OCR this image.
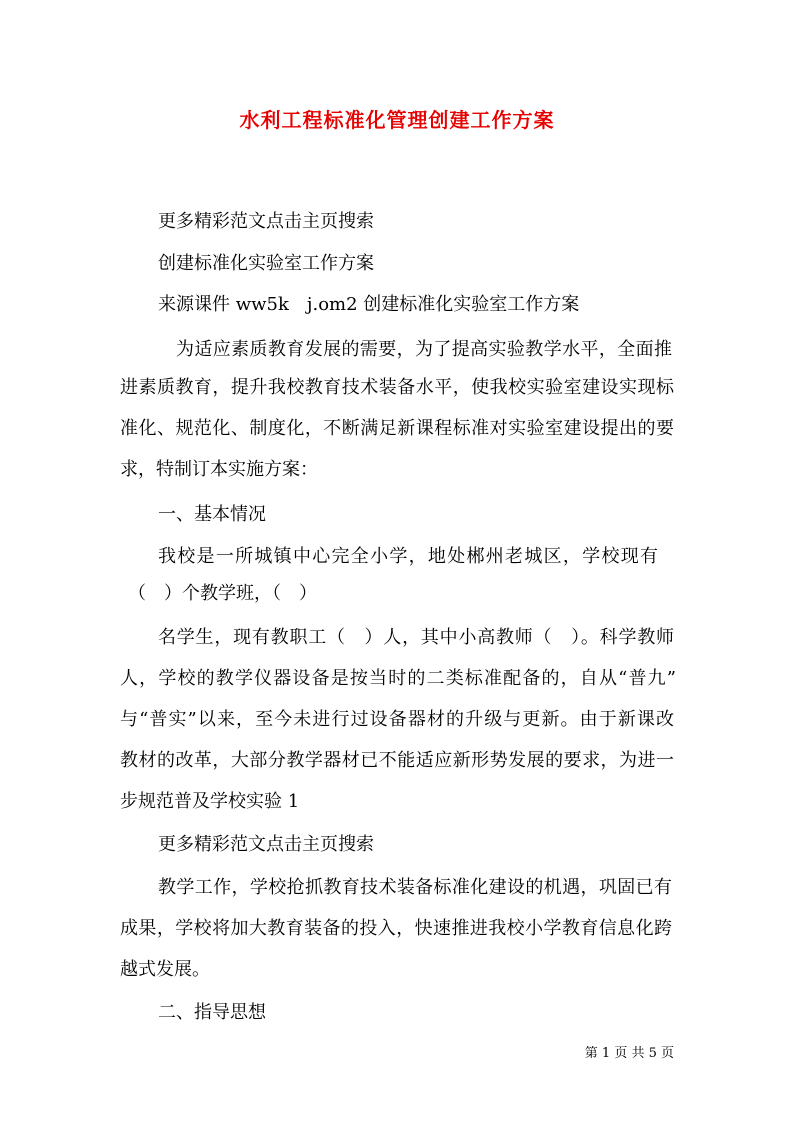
水利工程标准化管理创建工作方案
更多精彩范文点击主页搜索
创建标准化实验室工作方案
来源课件 ww5k　j.om2 创建标准化实验室工作方案
为适应素质教育发展的需要，为了提高实验教学水平，全面推
进素质教育，提升我校教育技术装备水平，使我校实验室建设实现标
准化、规范化、制度化，不断满足新课程标准对实验室建设提出的要
求，特制订本实施方案：
一、基本情况
我校是一所城镇中心完全小学，地处郴州老城区，学校现有
（　）个教学班，（　）
名学生，现有教职工（　）人，其中小高教师（　）。科学教师
人，学校的教学仪器设备是按当时的二类标准配备的，自从“普九”
与“普实”以来，至今未进行过设备器材的升级与更新。由于新课改
教材的改革，大部分教学器材已不能适应新形势发展的要求，为进一
步规范普及学校实验 1
更多精彩范文点击主页搜索
教学工作，学校抢抓教育技术装备标准化建设的机遇，巩固已有
成果，学校将加大教育装备的投入，快速推进我校小学教育信息化跨
越式发展。
二、指导思想
第 1 页 共 5 页
